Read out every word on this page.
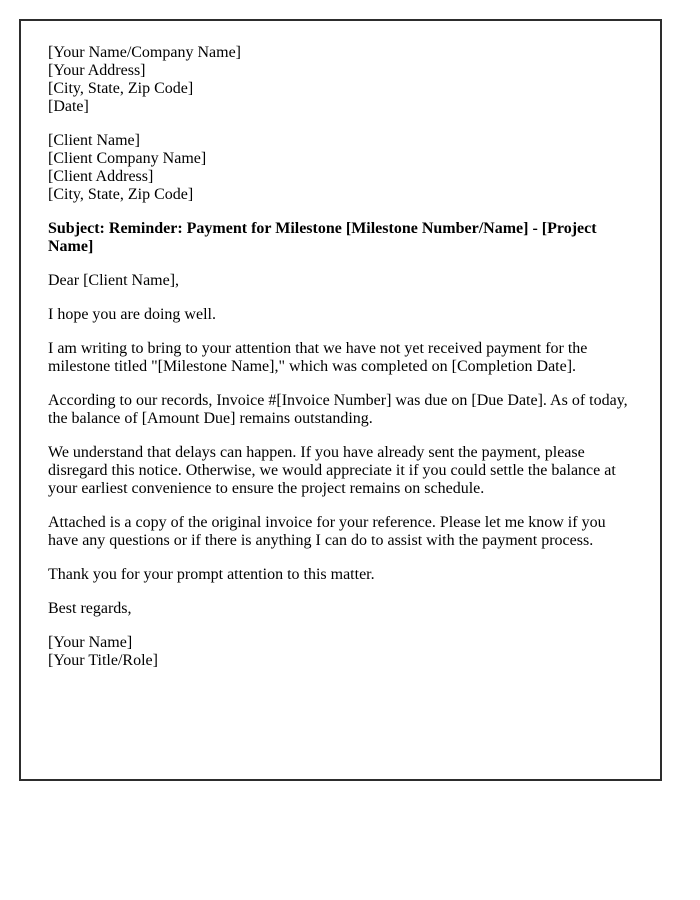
[Your Name/Company Name]
[Your Address]
[City, State, Zip Code]
[Date]
[Client Name]
[Client Company Name]
[Client Address]
[City, State, Zip Code]

Subject: Reminder: Payment for Milestone [Milestone Number/Name] - [Project Name]

Dear [Client Name],

I hope you are doing well.

I am writing to bring to your attention that we have not yet received payment for the milestone titled "[Milestone Name]," which was completed on [Completion Date].

According to our records, Invoice #[Invoice Number] was due on [Due Date]. As of today, the balance of [Amount Due] remains outstanding.

We understand that delays can happen. If you have already sent the payment, please disregard this notice. Otherwise, we would appreciate it if you could settle the balance at your earliest convenience to ensure the project remains on schedule.

Attached is a copy of the original invoice for your reference. Please let me know if you have any questions or if there is anything I can do to assist with the payment process.

Thank you for your prompt attention to this matter.

Best regards,

[Your Name]
[Your Title/Role]
